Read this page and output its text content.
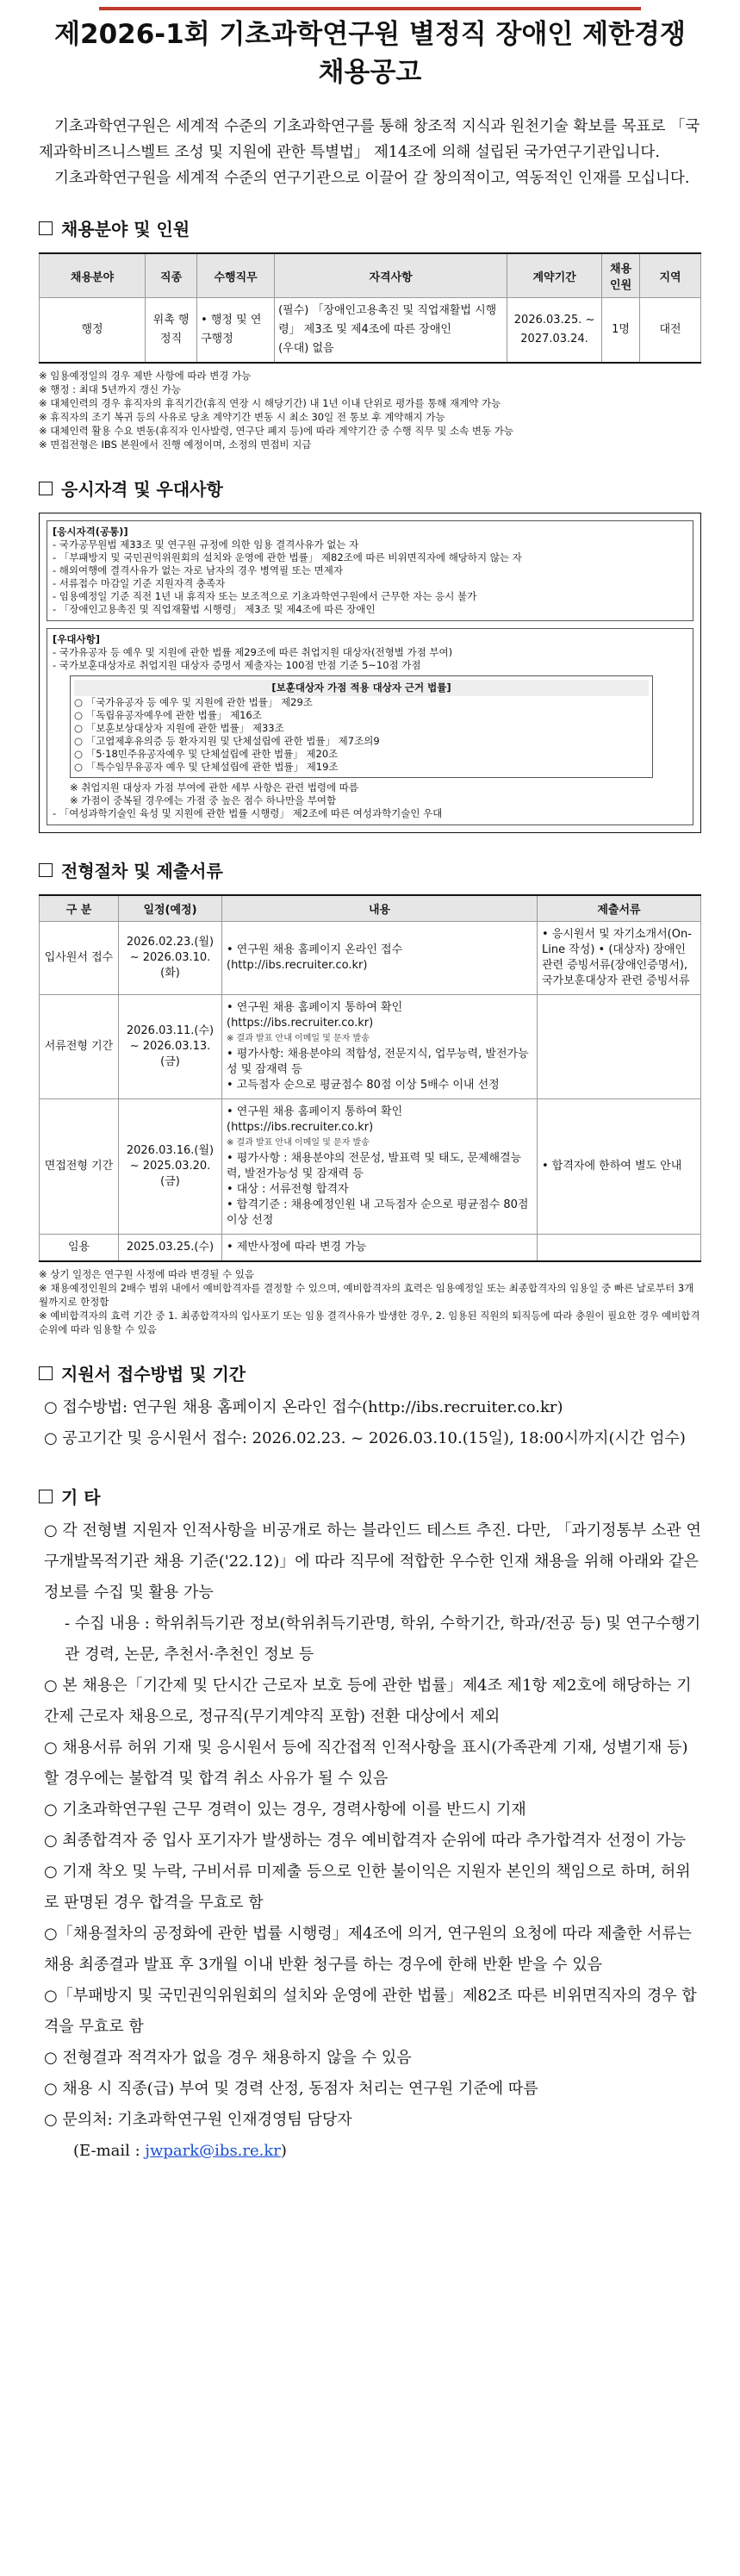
제2026-1회 기초과학연구원 별정직 장애인 제한경쟁
채용공고

기초과학연구원은 세계적 수준의 기초과학연구를 통해 창조적 지식과 원천기술 확보를 목표로 「국제과학비즈니스벨트 조성 및 지원에 관한 특별법」 제14조에 의해 설립된 국가연구기관입니다.

기초과학연구원을 세계적 수준의 연구기관으로 이끌어 갈 창의적이고, 역동적인 인재를 모십니다.

채용분야 및 인원
채용분야	직종	수행직무	자격사항	계약기간	채용인원	지역
행정	위촉 행정직	• 행정 및 연구행정	(필수) 「장애인고용촉진 및 직업재활법 시행령」 제3조 및 제4조에 따른 장애인
(우대) 없음	2026.03.25. ~ 2027.03.24.	1명	대전
※ 임용예정일의 경우 제반 사항에 따라 변경 가능
※ 행정 : 최대 5년까지 갱신 가능
※ 대체인력의 경우 휴직자의 휴직기간(휴직 연장 시 해당기간) 내 1년 이내 단위로 평가를 통해 재계약 가능
※ 휴직자의 조기 복귀 등의 사유로 당초 계약기간 변동 시 최소 30일 전 통보 후 계약해지 가능
※ 대체인력 활용 수요 변동(휴직자 인사발령, 연구단 폐지 등)에 따라 계약기간 중 수행 직무 및 소속 변동 가능
※ 면접전형은 IBS 본원에서 진행 예정이며, 소정의 면접비 지급
응시자격 및 우대사항
[응시자격(공통)]
- 국가공무원법 제33조 및 연구원 규정에 의한 임용 결격사유가 없는 자
- 「부패방지 및 국민권익위원회의 설치와 운영에 관한 법률」 제82조에 따른 비위면직자에 해당하지 않는 자
- 해외여행에 결격사유가 없는 자로 남자의 경우 병역필 또는 면제자
- 서류접수 마감일 기준 지원자격 충족자
- 임용예정일 기준 직전 1년 내 휴직자 또는 보조적으로 기초과학연구원에서 근무한 자는 응시 불가
- 「장애인고용촉진 및 직업재활법 시행령」 제3조 및 제4조에 따른 장애인
[우대사항]
- 국가유공자 등 예우 및 지원에 관한 법률 제29조에 따른 취업지원 대상자(전형별 가점 부여)
- 국가보훈대상자로 취업지원 대상자 증명서 제출자는 100점 만점 기준 5~10점 가점
[보훈대상자 가점 적용 대상자 근거 법률]
○ 「국가유공자 등 예우 및 지원에 관한 법률」 제29조
○ 「독립유공자예우에 관한 법률」 제16조
○ 「보훈보상대상자 지원에 관한 법률」 제33조
○ 「고엽제후유의증 등 환자지원 및 단체설립에 관한 법률」 제7조의9
○ 「5·18민주유공자예우 및 단체설립에 관한 법률」 제20조
○ 「특수임무유공자 예우 및 단체설립에 관한 법률」 제19조
※ 취업지원 대상자 가점 부여에 관한 세부 사항은 관련 법령에 따름
※ 가점이 중복될 경우에는 가점 중 높은 점수 하나만을 부여함
- 「여성과학기술인 육성 및 지원에 관한 법률 시행령」 제2조에 따른 여성과학기술인 우대
전형절차 및 제출서류
구 분	일정(예정)	내용	제출서류
입사원서 접수	2026.02.23.(월) ~ 2026.03.10.(화)	• 연구원 채용 홈페이지 온라인 접수(http://ibs.recruiter.co.kr)	• 응시원서 및 자기소개서(On-Line 작성) • (대상자) 장애인 관련 증빙서류(장애인증명서), 국가보훈대상자 관련 증빙서류
서류전형 기간	2026.03.11.(수) ~ 2026.03.13.(금)	• 연구원 채용 홈페이지 통하여 확인(https://ibs.recruiter.co.kr)
※ 결과 발표 안내 이메일 및 문자 발송
• 평가사항: 채용분야의 적합성, 전문지식, 업무능력, 발전가능성 및 잠재력 등
• 고득점자 순으로 평균점수 80점 이상 5배수 이내 선정	

면접전형 기간	2026.03.16.(월) ~ 2025.03.20.(금)	• 연구원 채용 홈페이지 통하여 확인(https://ibs.recruiter.co.kr)
※ 결과 발표 안내 이메일 및 문자 발송
• 평가사항 : 채용분야의 전문성, 발표력 및 태도, 문제해결능력, 발전가능성 및 잠재력 등
• 대상 : 서류전형 합격자
• 합격기준 : 채용예정인원 내 고득점자 순으로 평균점수 80점 이상 선정	• 합격자에 한하여 별도 안내
임용	2025.03.25.(수)	• 제반사정에 따라 변경 가능	

※ 상기 일정은 연구원 사정에 따라 변경될 수 있음
※ 채용예정인원의 2배수 범위 내에서 예비합격자를 결정할 수 있으며, 예비합격자의 효력은 임용예정일 또는 최종합격자의 임용일 중 빠른 날로부터 3개월까지로 한정함
※ 예비합격자의 효력 기간 중 1. 최종합격자의 입사포기 또는 임용 결격사유가 발생한 경우, 2. 임용된 직원의 퇴직등에 따라 충원이 필요한 경우 예비합격 순위에 따라 임용할 수 있음
지원서 접수방법 및 기간
○ 접수방법: 연구원 채용 홈페이지 온라인 접수(http://ibs.recruiter.co.kr)
○ 공고기간 및 응시원서 접수: 2026.02.23. ~ 2026.03.10.(15일), 18:00시까지(시간 엄수)
기 타
○ 각 전형별 지원자 인적사항을 비공개로 하는 블라인드 테스트 추진. 다만, 「과기정통부 소관 연구개발목적기관 채용 기준('22.12)」에 따라 직무에 적합한 우수한 인재 채용을 위해 아래와 같은 정보를 수집 및 활용 가능
- 수집 내용 : 학위취득기관 정보(학위취득기관명, 학위, 수학기간, 학과/전공 등) 및 연구수행기관 경력, 논문, 추천서·추천인 정보 등
○ 본 채용은「기간제 및 단시간 근로자 보호 등에 관한 법률」제4조 제1항 제2호에 해당하는 기간제 근로자 채용으로, 정규직(무기계약직 포함) 전환 대상에서 제외
○ 채용서류 허위 기재 및 응시원서 등에 직간접적 인적사항을 표시(가족관계 기재, 성별기재 등)할 경우에는 불합격 및 합격 취소 사유가 될 수 있음
○ 기초과학연구원 근무 경력이 있는 경우, 경력사항에 이를 반드시 기재
○ 최종합격자 중 입사 포기자가 발생하는 경우 예비합격자 순위에 따라 추가합격자 선정이 가능
○ 기재 착오 및 누락, 구비서류 미제출 등으로 인한 불이익은 지원자 본인의 책임으로 하며, 허위로 판명된 경우 합격을 무효로 함
○「채용절차의 공정화에 관한 법률 시행령」제4조에 의거, 연구원의 요청에 따라 제출한 서류는 채용 최종결과 발표 후 3개월 이내 반환 청구를 하는 경우에 한해 반환 받을 수 있음
○「부패방지 및 국민권익위원회의 설치와 운영에 관한 법률」제82조 따른 비위면직자의 경우 합격을 무효로 함
○ 전형결과 적격자가 없을 경우 채용하지 않을 수 있음
○ 채용 시 직종(급) 부여 및 경력 산정, 동점자 처리는 연구원 기준에 따름
○ 문의처: 기초과학연구원 인재경영팀 담당자
(E-mail : jwpark@ibs.re.kr)
